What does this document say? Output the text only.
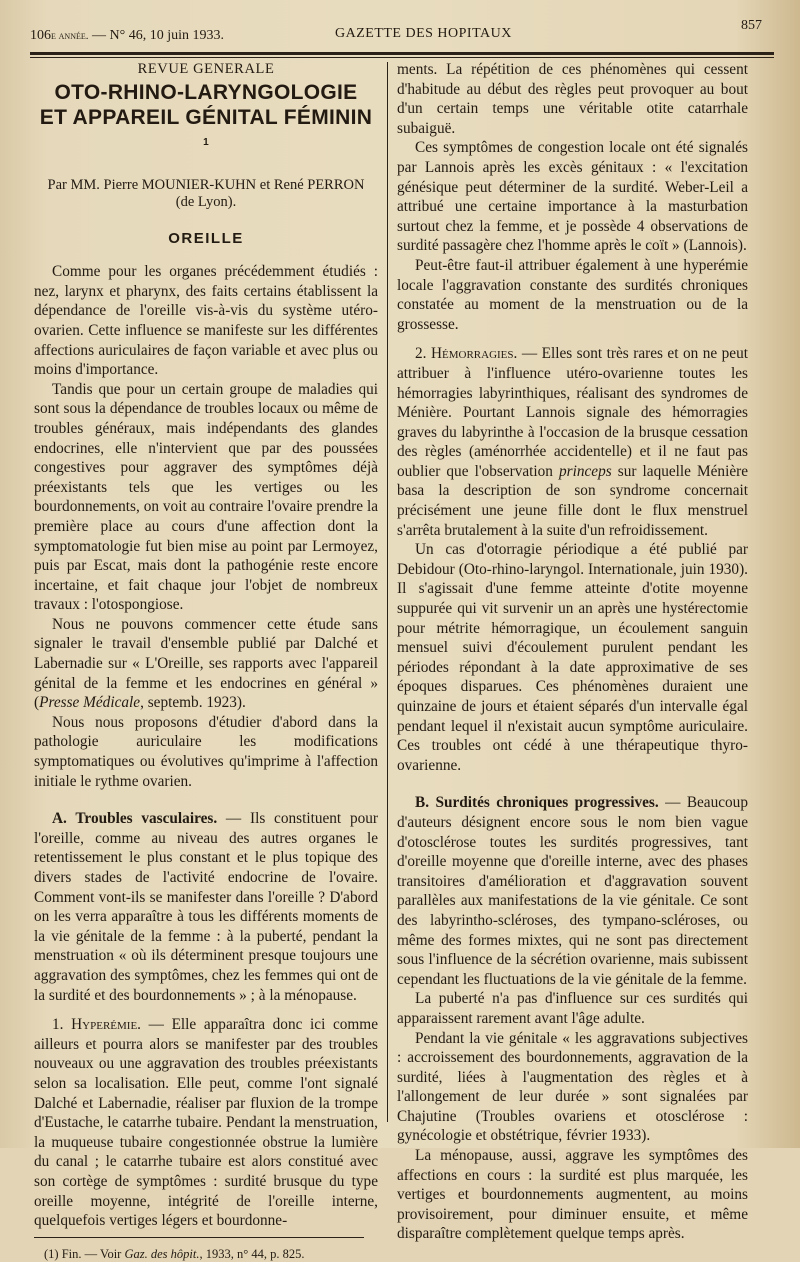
106e année. — N° 46, 10 juin 1933.	GAZETTE DES HOPITAUX
857

REVUE GENERALE

OTO-RHINO-LARYNGOLOGIE
ET APPAREIL GÉNITAL FÉMININ $^1$
Par MM. Pierre MOUNIER-KUHN et René PERRON
(de Lyon).
OREILLE

Comme pour les organes précédemment étudiés : nez, larynx et pharynx, des faits certains établissent la dépendance de l'oreille vis-à-vis du système utéro-ovarien. Cette influence se manifeste sur les différentes affections auriculaires de façon variable et avec plus ou moins d'importance.

Tandis que pour un certain groupe de maladies qui sont sous la dépendance de troubles locaux ou même de troubles généraux, mais indépendants des glandes endocrines, elle n'intervient que par des poussées congestives pour aggraver des symptômes déjà préexistants tels que les vertiges ou les bourdonnements, on voit au contraire l'ovaire prendre la première place au cours d'une affection dont la symptomatologie fut bien mise au point par Lermoyez, puis par Escat, mais dont la pathogénie reste encore incertaine, et fait chaque jour l'objet de nombreux travaux : l'otospongiose.

Nous ne pouvons commencer cette étude sans signaler le travail d'ensemble publié par Dalché et Labernadie sur « L'Oreille, ses rapports avec l'appareil génital de la femme et les endocrines en général » (Presse Médicale, septemb. 1923).

Nous nous proposons d'étudier d'abord dans la pathologie auriculaire les modifications symptomatiques ou évolutives qu'imprime à l'affection initiale le rythme ovarien.

A. Troubles vasculaires. — Ils constituent pour l'oreille, comme au niveau des autres organes le retentissement le plus constant et le plus topique des divers stades de l'activité endocrine de l'ovaire. Comment vont-ils se manifester dans l'oreille ? D'abord on les verra apparaître à tous les différents moments de la vie génitale de la femme : à la puberté, pendant la menstruation « où ils déterminent presque toujours une aggravation des symptômes, chez les femmes qui ont de la surdité et des bourdonnements » ; à la ménopause.

1. Hyperémie. — Elle apparaîtra donc ici comme ailleurs et pourra alors se manifester par des troubles nouveaux ou une aggravation des troubles préexistants selon sa localisation. Elle peut, comme l'ont signalé Dalché et Labernadie, réaliser par fluxion de la trompe d'Eustache, le catarrhe tubaire. Pendant la menstruation, la muqueuse tubaire congestionnée obstrue la lumière du canal ; le catarrhe tubaire est alors constitué avec son cortège de symptômes : surdité brusque du type oreille moyenne, intégrité de l'oreille interne, quelquefois vertiges légers et bourdonne-

(1) Fin. — Voir Gaz. des hôpit., 1933, n° 44, p. 825.

ments. La répétition de ces phénomènes qui cessent d'habitude au début des règles peut provoquer au bout d'un certain temps une véritable otite catarrhale subaiguë.

Ces symptômes de congestion locale ont été signalés par Lannois après les excès génitaux : « l'excitation génésique peut déterminer de la surdité. Weber-Leil a attribué une certaine importance à la masturbation surtout chez la femme, et je possède 4 observations de surdité passagère chez l'homme après le coït » (Lannois).

Peut-être faut-il attribuer également à une hyperémie locale l'aggravation constante des surdités chroniques constatée au moment de la menstruation ou de la grossesse.

2. Hémorragies. — Elles sont très rares et on ne peut attribuer à l'influence utéro-ovarienne toutes les hémorragies labyrinthiques, réalisant des syndromes de Ménière. Pourtant Lannois signale des hémorragies graves du labyrinthe à l'occasion de la brusque cessation des règles (aménorrhée accidentelle) et il ne faut pas oublier que l'observation princeps sur laquelle Ménière basa la description de son syndrome concernait précisément une jeune fille dont le flux menstruel s'arrêta brutalement à la suite d'un refroidissement.

Un cas d'otorragie périodique a été publié par Debidour (Oto-rhino-laryngol. Internationale, juin 1930). Il s'agissait d'une femme atteinte d'otite moyenne suppurée qui vit survenir un an après une hystérectomie pour métrite hémorragique, un écoulement sanguin mensuel suivi d'écoulement purulent pendant les périodes répondant à la date approximative de ses époques disparues. Ces phénomènes duraient une quinzaine de jours et étaient séparés d'un intervalle égal pendant lequel il n'existait aucun symptôme auriculaire. Ces troubles ont cédé à une thérapeutique thyro-ovarienne.

B. Surdités chroniques progressives. — Beaucoup d'auteurs désignent encore sous le nom bien vague d'otosclérose toutes les surdités progressives, tant d'oreille moyenne que d'oreille interne, avec des phases transitoires d'amélioration et d'aggravation souvent parallèles aux manifestations de la vie génitale. Ce sont des labyrintho-scléroses, des tympano-scléroses, ou même des formes mixtes, qui ne sont pas directement sous l'influence de la sécrétion ovarienne, mais subissent cependant les fluctuations de la vie génitale de la femme.

La puberté n'a pas d'influence sur ces surdités qui apparaissent rarement avant l'âge adulte.

Pendant la vie génitale « les aggravations subjectives : accroissement des bourdonnements, aggravation de la surdité, liées à l'augmentation des règles et à l'allongement de leur durée » sont signalées par Chajutine (Troubles ovariens et otosclérose : gynécologie et obstétrique, février 1933).

La ménopause, aussi, aggrave les symptômes des affections en cours : la surdité est plus marquée, les vertiges et bourdonnements augmentent, au moins provisoirement, pour diminuer ensuite, et même disparaître complètement quelque temps après.
